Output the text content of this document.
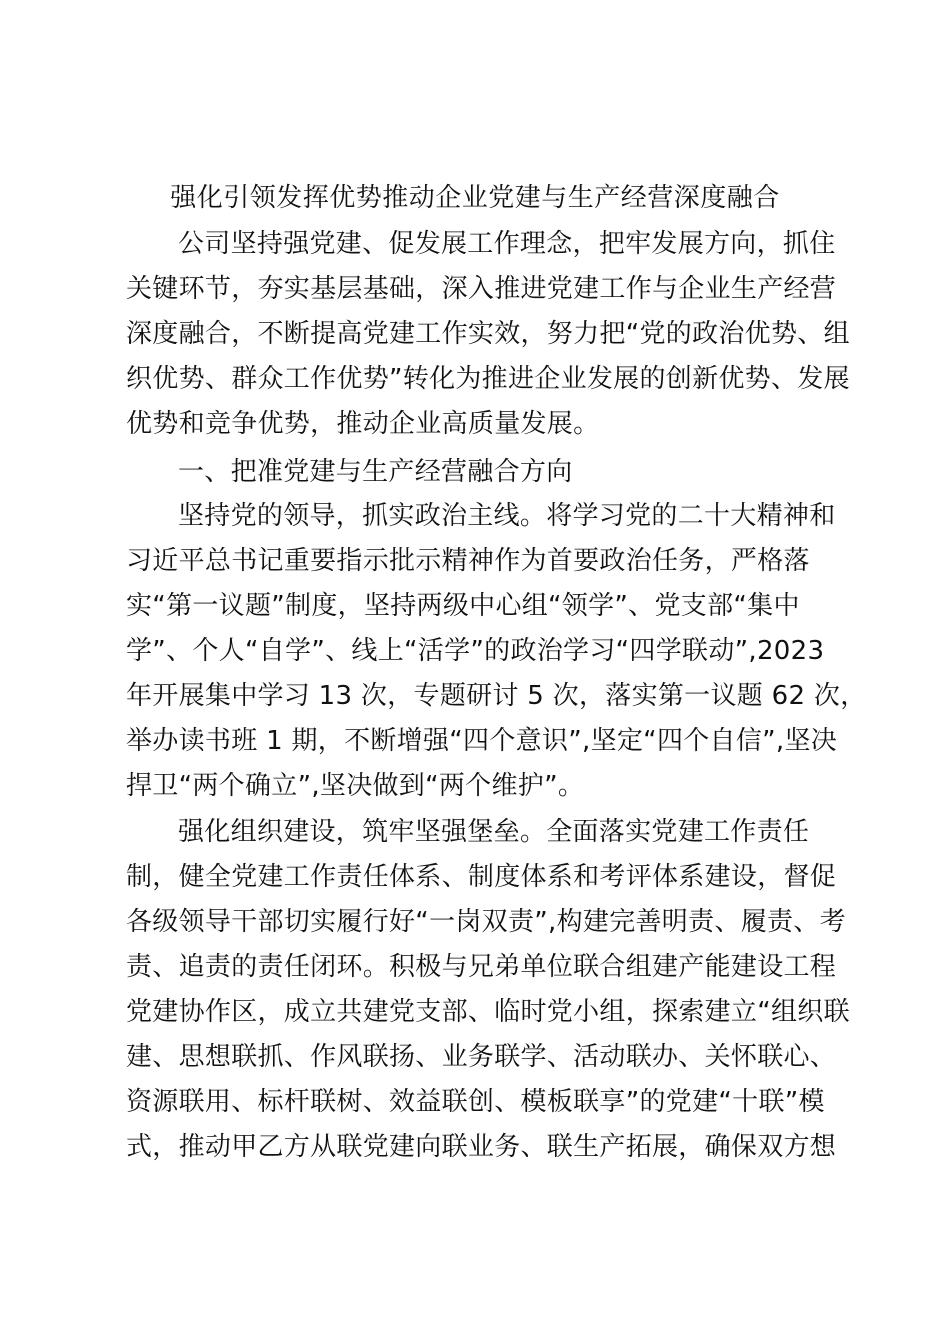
强化引领发挥优势推动企业党建与生产经营深度融合
公司坚持强党建、促发展工作理念，把牢发展方向，抓住
关键环节，夯实基层基础，深入推进党建工作与企业生产经营
深度融合，不断提高党建工作实效，努力把“党的政治优势、组
织优势、群众工作优势”转化为推进企业发展的创新优势、发展
优势和竞争优势，推动企业高质量发展。
一、把准党建与生产经营融合方向
坚持党的领导，抓实政治主线。将学习党的二十大精神和
习近平总书记重要指示批示精神作为首要政治任务，严格落
实“第一议题”制度，坚持两级中心组“领学”、党支部“集中
学”、个人“自学”、线上“活学”的政治学习“四学联动”,2023
年开展集中学习 13 次，专题研讨 5 次，落实第一议题 62 次，
举办读书班 1 期，不断增强“四个意识”,坚定“四个自信”,坚决
捍卫“两个确立”,坚决做到“两个维护”。
强化组织建设，筑牢坚强堡垒。全面落实党建工作责任
制，健全党建工作责任体系、制度体系和考评体系建设，督促
各级领导干部切实履行好“一岗双责”,构建完善明责、履责、考
责、追责的责任闭环。积极与兄弟单位联合组建产能建设工程
党建协作区，成立共建党支部、临时党小组，探索建立“组织联
建、思想联抓、作风联扬、业务联学、活动联办、关怀联心、
资源联用、标杆联树、效益联创、模板联享”的党建“十联”模
式，推动甲乙方从联党建向联业务、联生产拓展，确保双方想
